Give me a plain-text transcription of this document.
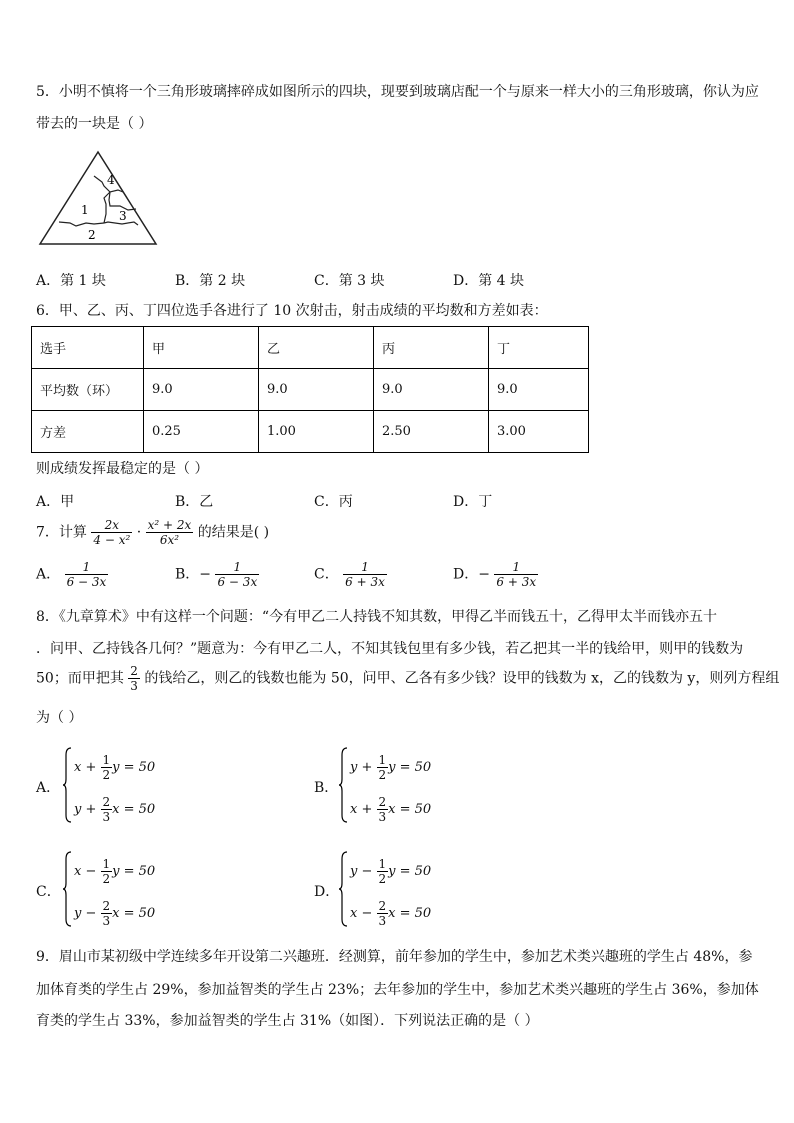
5．小明不慎将一个三角形玻璃摔碎成如图所示的四块，现要到玻璃店配一个与原来一样大小的三角形玻璃，你认为应
带去的一块是（ ）
4
1	3
2
A．第 1 块	B．第 2 块	C．第 3 块	D．第 4 块
6．甲、乙、丙、丁四位选手各进行了 10 次射击，射击成绩的平均数和方差如表：
选手	甲	乙	丙	丁
平均数（环）	9.0	9.0	9.0	9.0
方差	0.25	1.00	2.50	3.00
则成绩发挥最稳定的是（ ）
A．甲	B．乙	C．丙	D．丁
7．计算 $\frac{2x}{\text{4 − x²}} \cdot \frac{\text{x² + 2x}}{\text{6x²}}$ 的结果是( )
A． $\frac{1}{6 - 3x}$	B．− $\frac{1}{6 - 3x}$	C． $\frac{1}{6 + 3x}$	D．− $\frac{1}{6 + 3x}$
8．《九章算术》中有这样一个问题：“今有甲乙二人持钱不知其数，甲得乙半而钱五十，乙得甲太半而钱亦五十
．问甲、乙持钱各几何？”题意为：今有甲乙二人，不知其钱包里有多少钱，若乙把其一半的钱给甲，则甲的钱数为
50；而甲把其 $\frac{2}{3}$ 的钱给乙，则乙的钱数也能为 50，问甲、乙各有多少钱？设甲的钱数为 x，乙的钱数为 y，则列方程组
为（ ）
A．
$x + \frac{1}{2}$ y = 50
$y + \frac{2}{3}$ x = 50
B．
$y + \frac{1}{2}$ y = 50
$x + \frac{2}{3}$ x = 50
C．
$x - \frac{1}{2}$ y = 50
$y - \frac{2}{3}$ x = 50
D．
$y - \frac{1}{2}$ y = 50
$x - \frac{2}{3}$ x = 50
9．眉山市某初级中学连续多年开设第二兴趣班．经测算，前年参加的学生中，参加艺术类兴趣班的学生占 48%，参
加体育类的学生占 29%，参加益智类的学生占 23%；去年参加的学生中，参加艺术类兴趣班的学生占 36%，参加体
育类的学生占 33%，参加益智类的学生占 31%（如图）．下列说法正确的是（ ）
